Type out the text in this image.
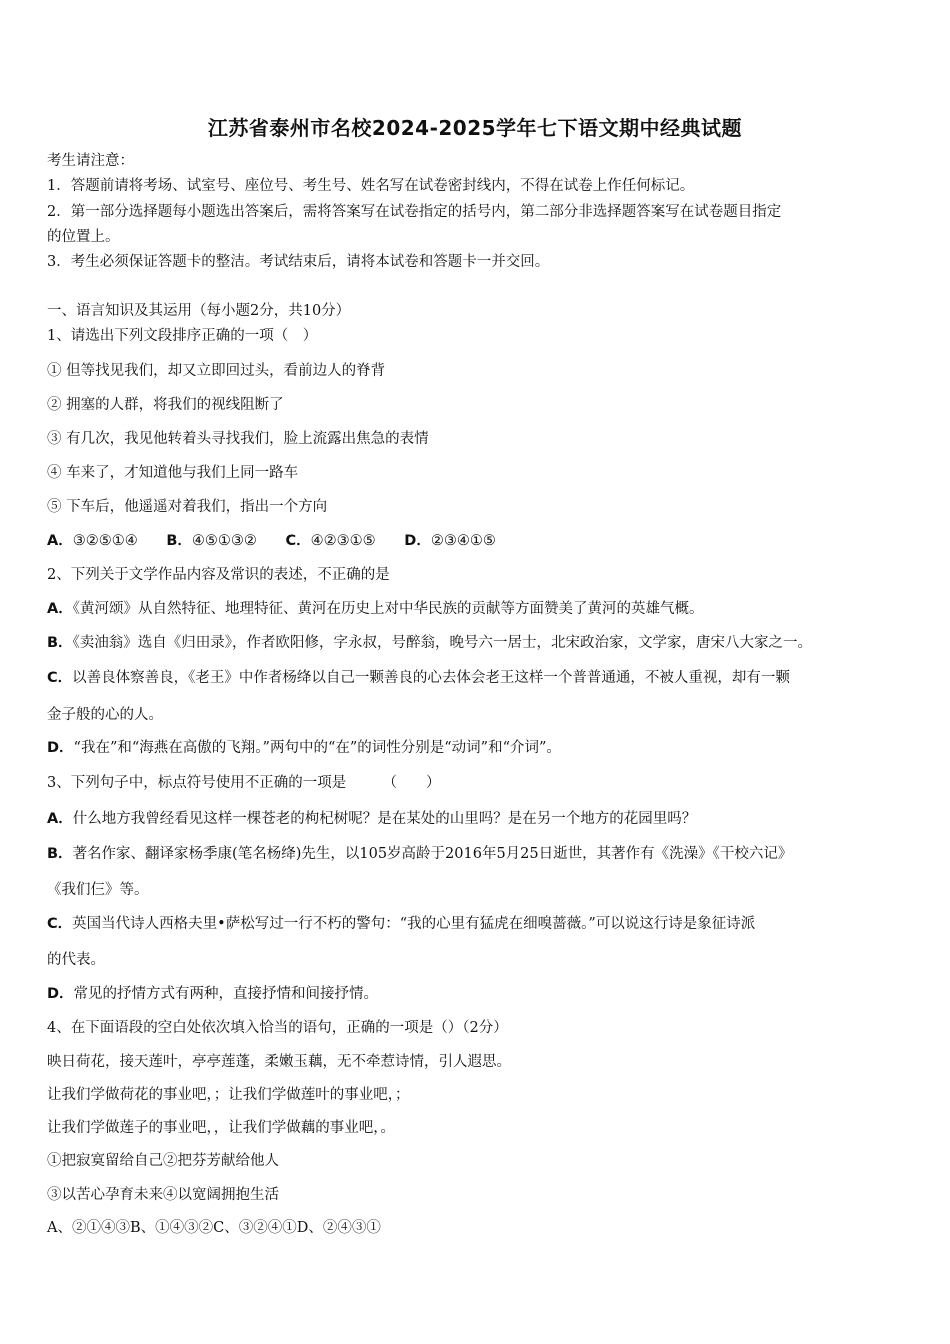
江苏省泰州市名校2024-2025学年七下语文期中经典试题
考生请注意：
1．答题前请将考场、试室号、座位号、考生号、姓名写在试卷密封线内，不得在试卷上作任何标记。
2．第一部分选择题每小题选出答案后，需将答案写在试卷指定的括号内，第二部分非选择题答案写在试卷题目指定
的位置上。
3．考生必须保证答题卡的整洁。考试结束后，请将本试卷和答题卡一并交回。
一、语言知识及其运用（每小题2分，共10分）
1、请选出下列文段排序正确的一项（　）
① 但等找见我们，却又立即回过头，看前边人的脊背
② 拥塞的人群，将我们的视线阻断了
③ 有几次，我见他转着头寻找我们，脸上流露出焦急的表情
④ 车来了，才知道他与我们上同一路车
⑤ 下车后，他遥遥对着我们，指出一个方向
A．③②⑤①④ B．④⑤①③② C．④②③①⑤ D．②③④①⑤
2、下列关于文学作品内容及常识的表述，不正确的是
A．《黄河颂》从自然特征、地理特征、黄河在历史上对中华民族的贡献等方面赞美了黄河的英雄气概。
B．《卖油翁》选自《归田录》，作者欧阳修，字永叔，号醉翁，晚号六一居士，北宋政治家，文学家，唐宋八大家之一。
C．以善良体察善良，《老王》中作者杨绛以自己一颗善良的心去体会老王这样一个普普通通，不被人重视，却有一颗
金子般的心的人。
D．“我在”和“海燕在高傲的飞翔。”两句中的“在”的词性分别是“动词”和“介词”。
3、下列句子中，标点符号使用不正确的一项是　　　（　　）
A．什么地方我曾经看见这样一棵苍老的枸杞树呢？是在某处的山里吗？是在另一个地方的花园里吗？
B．著名作家、翻译家杨季康(笔名杨绛)先生，以105岁高龄于2016年5月25日逝世，其著作有《洗澡》《干校六记》
《我们仨》等。
C．英国当代诗人西格夫里•萨松写过一行不朽的警句：“我的心里有猛虎在细嗅蔷薇。”可以说这行诗是象征诗派
的代表。
D．常见的抒情方式有两种，直接抒情和间接抒情。
4、在下面语段的空白处依次填入恰当的语句，正确的一项是（）（2分）
映日荷花，接天莲叶，亭亭莲蓬，柔嫩玉藕，无不牵惹诗情，引人遐思。
让我们学做荷花的事业吧，；让我们学做莲叶的事业吧，；
让我们学做莲子的事业吧，，让我们学做藕的事业吧，。
①把寂寞留给自己②把芬芳献给他人
③以苦心孕育未来④以宽阔拥抱生活
A、②①④③B、①④③②C、③②④①D、②④③①
